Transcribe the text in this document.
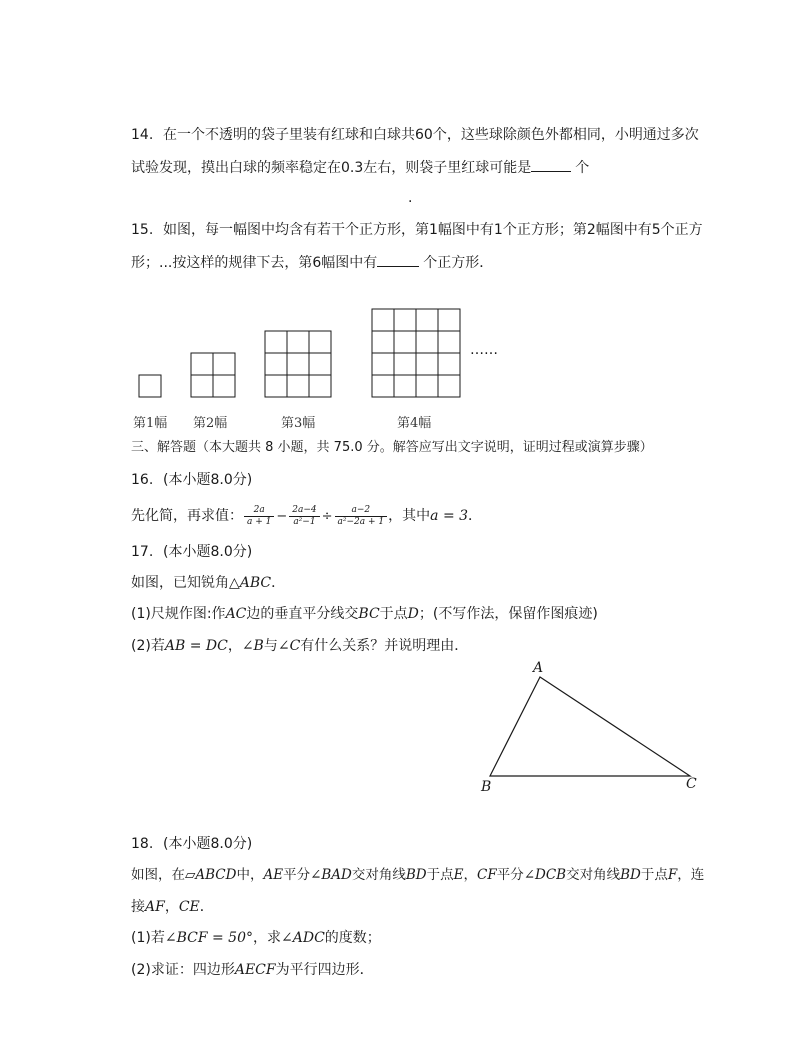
14. 在一个不透明的袋子里装有红球和白球共60个，这些球除颜色外都相同，小明通过多次
试验发现，摸出白球的频率稳定在0.3左右，则袋子里红球可能是	个
.
15. 如图，每一幅图中均含有若干个正方形，第1幅图中有1个正方形；第2幅图中有5个正方
形；...按这样的规律下去，第6幅图中有	个正方形．
……
第1幅 第2幅	第3幅	第4幅
三、解答题（本大题共 8 小题，共 75.0 分。解答应写出文字说明，证明过程或演算步骤）
16. (本小题8.0分)
先化简，再求值： $\frac{2a}{a + 1} - \frac{2a-4}{\text{a²−1}} \div \frac{a-2}{\text{a²−2a + 1}}$ ，其中a = 3．
17. (本小题8.0分)
如图，已知锐角△ABC．
(1)尺规作图:作AC边的垂直平分线交BC于点D；(不写作法，保留作图痕迹)
(2)若AB = DC，∠B与∠C有什么关系？并说明理由．
A
B	C
18. (本小题8.0分)
如图，在▱ABCD中，AE平分∠BAD交对角线BD于点E，CF平分∠DCB交对角线BD于点F，连
接AF，CE．
(1)若∠BCF = 50°，求∠ADC的度数；
(2)求证：四边形AECF为平行四边形．
